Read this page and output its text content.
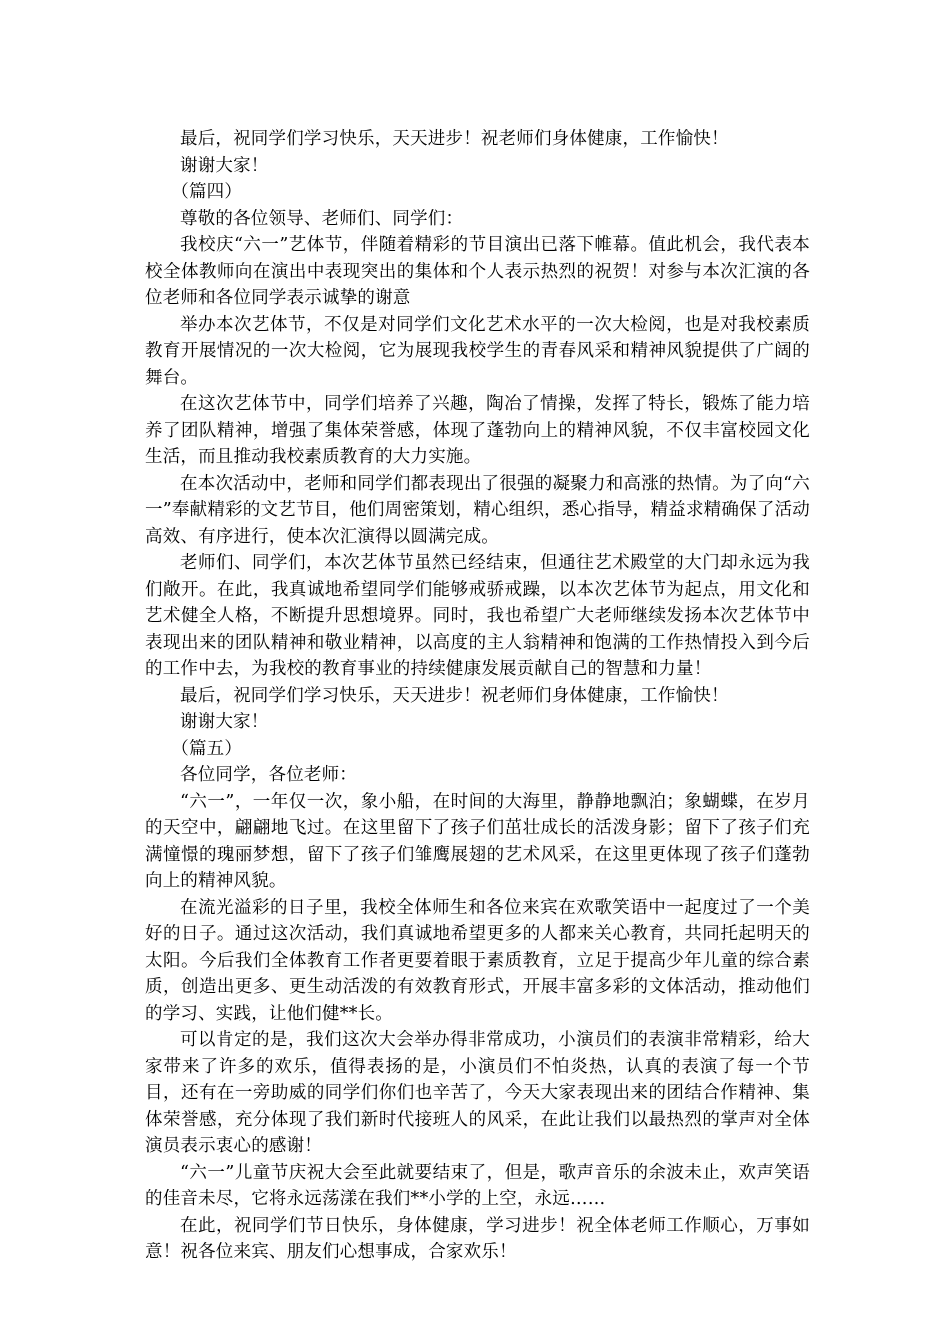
最后，祝同学们学习快乐，天天进步！祝老师们身体健康，工作愉快！
谢谢大家！
（篇四）
尊敬的各位领导、老师们、同学们：
我校庆“六一”艺体节，伴随着精彩的节目演出已落下帷幕。值此机会，我代表本校全体教师向在演出中表现突出的集体和个人表示热烈的祝贺！对参与本次汇演的各位老师和各位同学表示诚挚的谢意
举办本次艺体节，不仅是对同学们文化艺术水平的一次大检阅，也是对我校素质教育开展情况的一次大检阅，它为展现我校学生的青春风采和精神风貌提供了广阔的舞台。
在这次艺体节中，同学们培养了兴趣，陶冶了情操，发挥了特长，锻炼了能力培养了团队精神，增强了集体荣誉感，体现了蓬勃向上的精神风貌，不仅丰富校园文化生活，而且推动我校素质教育的大力实施。
在本次活动中，老师和同学们都表现出了很强的凝聚力和高涨的热情。为了向“六一”奉献精彩的文艺节目，他们周密策划，精心组织，悉心指导，精益求精确保了活动高效、有序进行，使本次汇演得以圆满完成。
老师们、同学们，本次艺体节虽然已经结束，但通往艺术殿堂的大门却永远为我们敞开。在此，我真诚地希望同学们能够戒骄戒躁，以本次艺体节为起点，用文化和艺术健全人格，不断提升思想境界。同时，我也希望广大老师继续发扬本次艺体节中表现出来的团队精神和敬业精神，以高度的主人翁精神和饱满的工作热情投入到今后的工作中去，为我校的教育事业的持续健康发展贡献自己的智慧和力量！
最后，祝同学们学习快乐，天天进步！祝老师们身体健康，工作愉快！
谢谢大家！
（篇五）
各位同学，各位老师：
“六一”，一年仅一次，象小船，在时间的大海里，静静地飘泊；象蝴蝶，在岁月的天空中，翩翩地飞过。在这里留下了孩子们茁壮成长的活泼身影；留下了孩子们充满憧憬的瑰丽梦想，留下了孩子们雏鹰展翅的艺术风采，在这里更体现了孩子们蓬勃向上的精神风貌。
在流光溢彩的日子里，我校全体师生和各位来宾在欢歌笑语中一起度过了一个美好的日子。通过这次活动，我们真诚地希望更多的人都来关心教育，共同托起明天的太阳。今后我们全体教育工作者更要着眼于素质教育，立足于提高少年儿童的综合素质，创造出更多、更生动活泼的有效教育形式，开展丰富多彩的文体活动，推动他们的学习、实践，让他们健**长。
可以肯定的是，我们这次大会举办得非常成功，小演员们的表演非常精彩，给大家带来了许多的欢乐，值得表扬的是，小演员们不怕炎热，认真的表演了每一个节目，还有在一旁助威的同学们你们也辛苦了，今天大家表现出来的团结合作精神、集体荣誉感，充分体现了我们新时代接班人的风采，在此让我们以最热烈的掌声对全体演员表示衷心的感谢！
“六一”儿童节庆祝大会至此就要结束了，但是，歌声音乐的余波未止，欢声笑语的佳音未尽，它将永远荡漾在我们**小学的上空，永远……
在此，祝同学们节日快乐，身体健康，学习进步！祝全体老师工作顺心，万事如意！祝各位来宾、朋友们心想事成，合家欢乐！
